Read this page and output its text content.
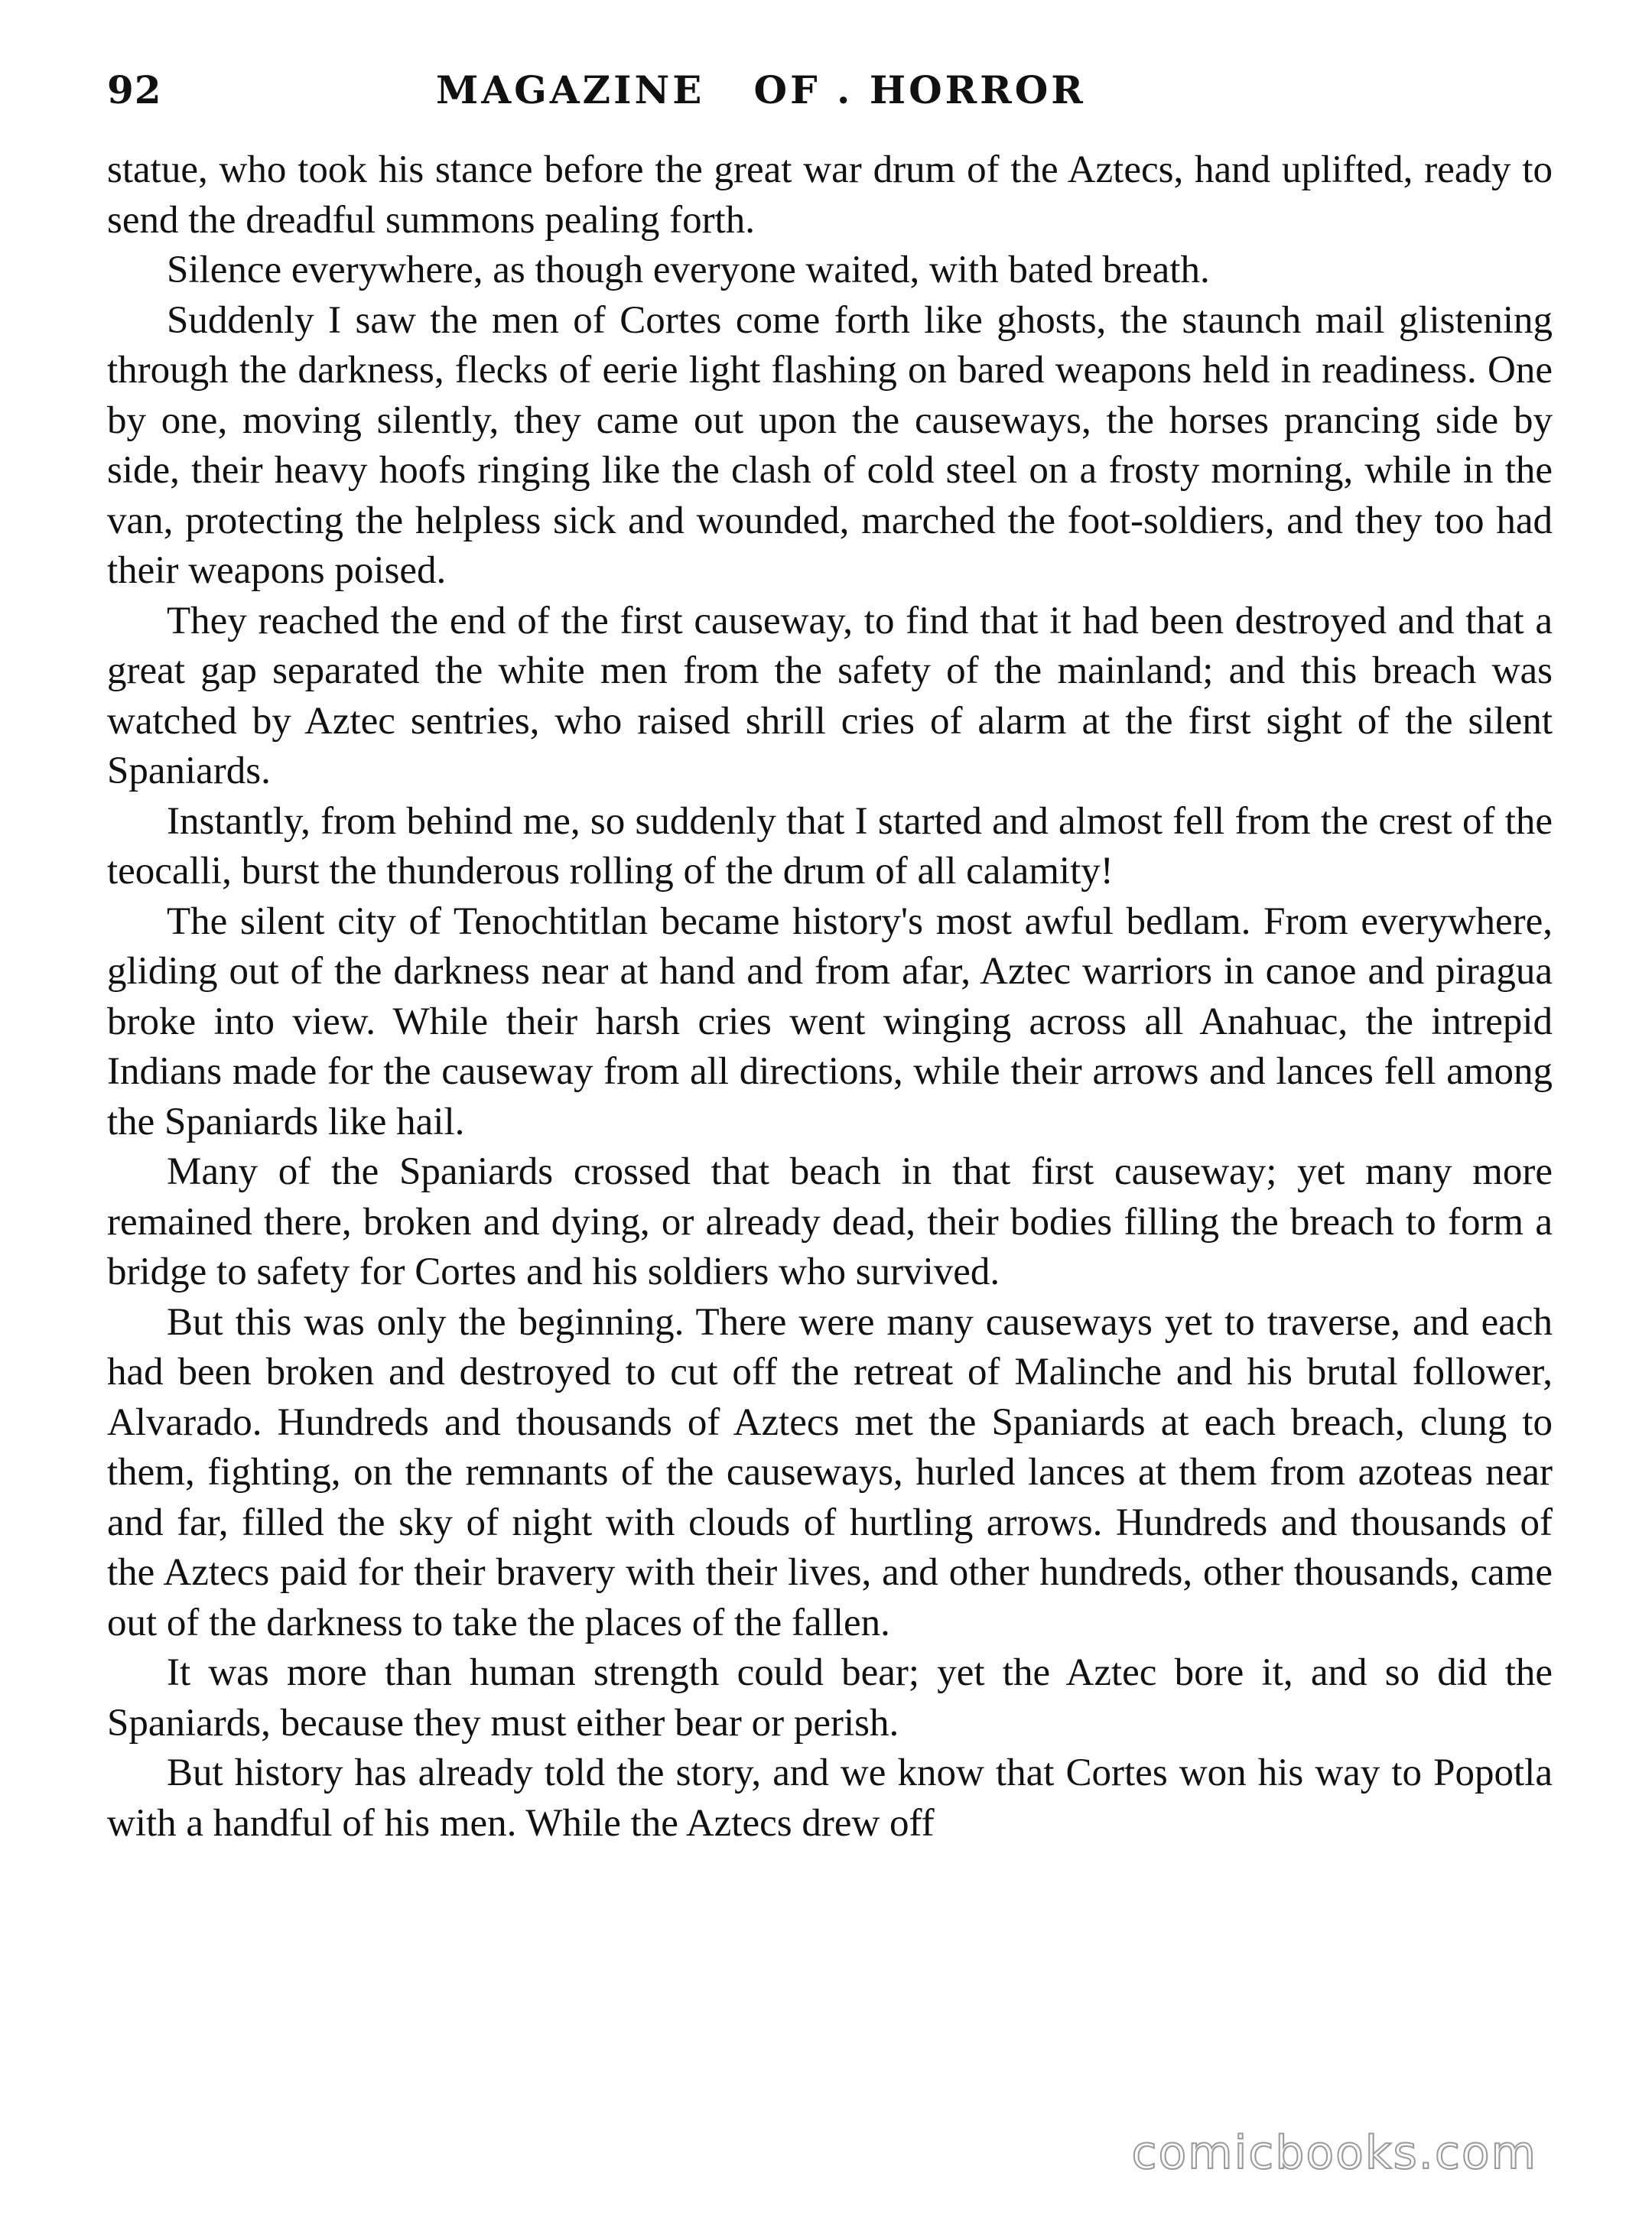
92	MAGAZINE   OF . HORROR

statue, who took his stance before the great war drum of the Aztecs, hand uplifted, ready to send the dreadful summons pealing forth.

Silence everywhere, as though everyone waited, with bated breath.

Suddenly I saw the men of Cortes come forth like ghosts, the staunch mail glistening through the darkness, flecks of eerie light flashing on bared weapons held in readiness. One by one, moving silently, they came out upon the causeways, the horses prancing side by side, their heavy hoofs ringing like the clash of cold steel on a frosty morning, while in the van, protecting the helpless sick and wounded, marched the foot-soldiers, and they too had their weapons poised.

They reached the end of the first causeway, to find that it had been destroyed and that a great gap separated the white men from the safety of the mainland; and this breach was watched by Aztec sentries, who raised shrill cries of alarm at the first sight of the silent Spaniards.

Instantly, from behind me, so suddenly that I started and almost fell from the crest of the teocalli, burst the thunderous rolling of the drum of all calamity!

The silent city of Tenochtitlan became history's most awful bedlam. From everywhere, gliding out of the darkness near at hand and from afar, Aztec warriors in canoe and piragua broke into view. While their harsh cries went winging across all Anahuac, the intrepid Indians made for the causeway from all directions, while their arrows and lances fell among the Spaniards like hail.

Many of the Spaniards crossed that beach in that first causeway; yet many more remained there, broken and dying, or already dead, their bodies filling the breach to form a bridge to safety for Cortes and his soldiers who survived.

But this was only the beginning. There were many causeways yet to traverse, and each had been broken and destroyed to cut off the retreat of Malinche and his brutal follower, Alvarado. Hundreds and thousands of Aztecs met the Spaniards at each breach, clung to them, fighting, on the remnants of the causeways, hurled lances at them from azoteas near and far, filled the sky of night with clouds of hurtling arrows. Hundreds and thousands of the Aztecs paid for their bravery with their lives, and other hundreds, other thousands, came out of the darkness to take the places of the fallen.

It was more than human strength could bear; yet the Aztec bore it, and so did the Spaniards, because they must either bear or perish.

But history has already told the story, and we know that Cortes won his way to Popotla with a handful of his men. While the Aztecs drew off

comicbooks.com
